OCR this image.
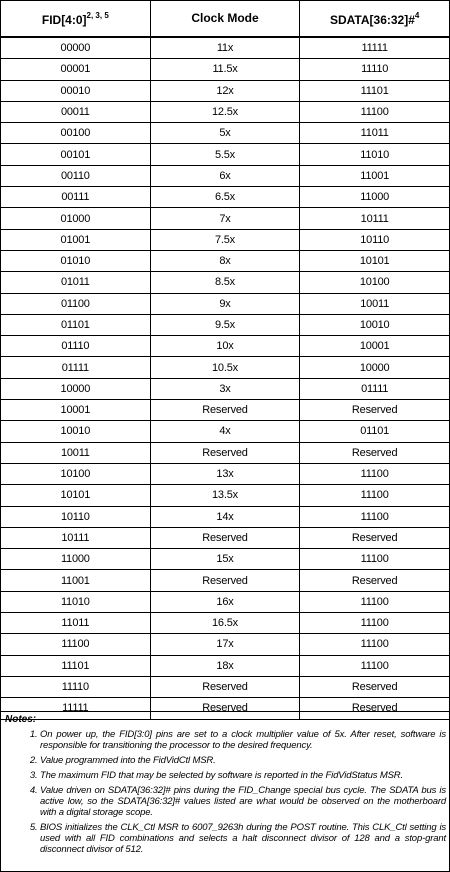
FID[4:0]$^{2, 3, 5}$	Clock Mode	SDATA[36:32]#$^4$
00000	11x	11111
00001	11.5x	11110
00010	12x	11101
00011	12.5x	11100
00100	5x	11011
00101	5.5x	11010
00110	6x	11001
00111	6.5x	11000
01000	7x	10111
01001	7.5x	10110
01010	8x	10101
01011	8.5x	10100
01100	9x	10011
01101	9.5x	10010
01110	10x	10001
01111	10.5x	10000
10000	3x	01111
10001	Reserved	Reserved
10010	4x	01101
10011	Reserved	Reserved
10100	13x	11100
10101	13.5x	11100
10110	14x	11100
10111	Reserved	Reserved
11000	15x	11100
11001	Reserved	Reserved
11010	16x	11100
11011	16.5x	11100
11100	17x	11100
11101	18x	11100
11110	Reserved	Reserved
11111	Reserved	Reserved
Notes:
1. On power up, the FID[3:0] pins are set to a clock multiplier value of 5x. After reset, software is responsible for transitioning the processor to the desired frequency.
2. Value programmed into the FidVidCtl MSR.
3. The maximum FID that may be selected by software is reported in the FidVidStatus MSR.
4. Value driven on SDATA[36:32]# pins during the FID_Change special bus cycle. The SDATA bus is active low, so the SDATA[36:32]# values listed are what would be observed on the motherboard with a digital storage scope.
5. BIOS initializes the CLK_Ctl MSR to 6007_9263h during the POST routine. This CLK_Ctl setting is used with all FID combinations and selects a halt disconnect divisor of 128 and a stop-grant disconnect divisor of 512.
